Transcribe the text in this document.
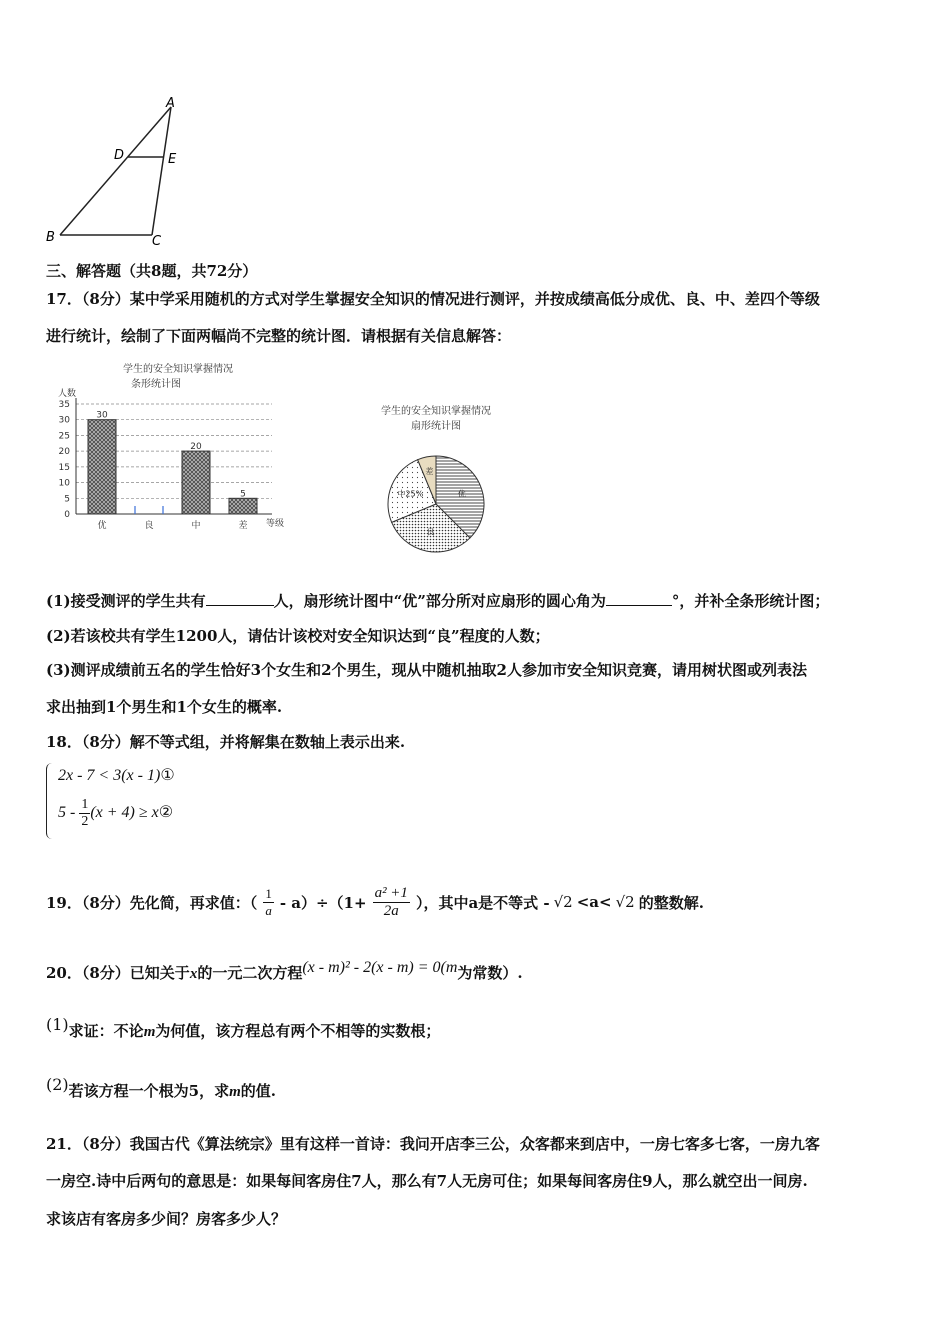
A
D	E
B	C
三、解答题（共8题，共72分）
17．（8分）某中学采用随机的方式对学生掌握安全知识的情况进行测评，并按成绩高低分成优、良、中、差四个等级
进行统计，绘制了下面两幅尚不完整的统计图．请根据有关信息解答：
学生的安全知识掌握情况
条形统计图
人数
0
5
10
15
20
25
30
35
优
30
良	中
20
差
5
等级
学生的安全知识掌握情况
扇形统计图
优
良
中25%
差
(1)接受测评的学生共有	人，扇形统计图中“优”部分所对应扇形的圆心角为	°，并补全条形统计图；
(2)若该校共有学生1200人，请估计该校对安全知识达到“良”程度的人数；
(3)测评成绩前五名的学生恰好3个女生和2个男生，现从中随机抽取2人参加市安全知识竞赛，请用树状图或列表法
求出抽到1个男生和1个女生的概率.
18．（8分）解不等式组，并将解集在数轴上表示出来.
2x - 7 < 3(x - 1)①
$5 - \frac{1}{2} (x + 4)$ ≥ x②
19．（8分）先化简，再求值：（ $\frac{1}{a} - a)\div(1+ \frac{\text{a² +1}}{2a}$ ），其中a是不等式 - √2 <a< √2 的整数解.
20．（8分）已知关于x的一元二次方程(x - m)² - 2(x - m) = 0(m为常数）.
(1)求证：不论m为何值，该方程总有两个不相等的实数根；
(2)若该方程一个根为5，求m的值.
21．（8分）我国古代《算法统宗》里有这样一首诗：我问开店李三公，众客都来到店中，一房七客多七客，一房九客
一房空.诗中后两句的意思是：如果每间客房住7人，那么有7人无房可住；如果每间客房住9人，那么就空出一间房.
求该店有客房多少间？房客多少人？
